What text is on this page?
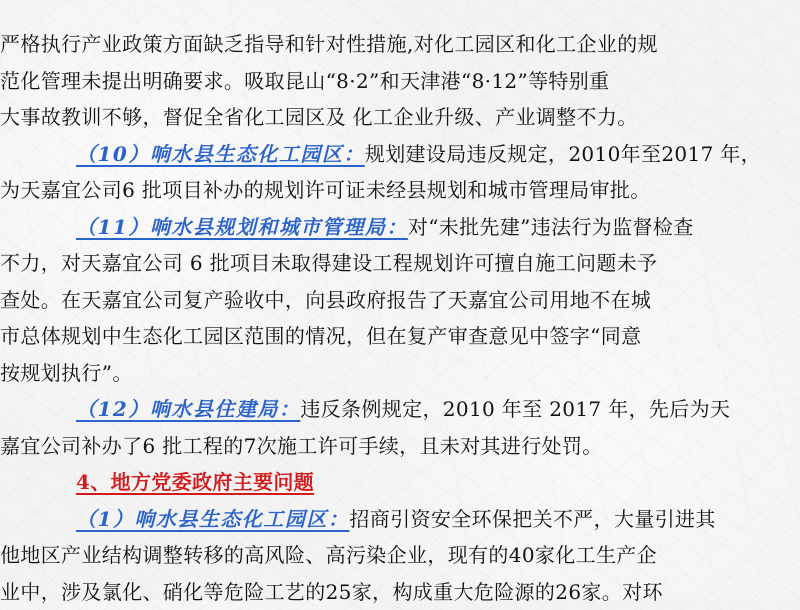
严格执行产业政策方面缺乏指导和针对性措施,对化工园区和化工企业的规
范化管理未提出明确要求。吸取昆山“8·2”和天津港“8·12”等特别重
大事故教训不够，督促全省化工园区及 化工企业升级、产业调整不力。
（10）响水县生态化工园区：规划建设局违反规定，2010年至2017 年，
为天嘉宜公司6 批项目补办的规划许可证未经县规划和城市管理局审批。
（11）响水县规划和城市管理局：对“未批先建”违法行为监督检查
不力，对天嘉宜公司 6 批项目未取得建设工程规划许可擅自施工问题未予
查处。在天嘉宜公司复产验收中，向县政府报告了天嘉宜公司用地不在城
市总体规划中生态化工园区范围的情况，但在复产审查意见中签字“同意
按规划执行”。
（12）响水县住建局：违反条例规定，2010 年至 2017 年，先后为天
嘉宜公司补办了6 批工程的7次施工许可手续，且未对其进行处罚。
4、地方党委政府主要问题
（1）响水县生态化工园区：招商引资安全环保把关不严，大量引进其
他地区产业结构调整转移的高风险、高污染企业，现有的40家化工生产企
业中，涉及氯化、硝化等危险工艺的25家，构成重大危险源的26家。对环
